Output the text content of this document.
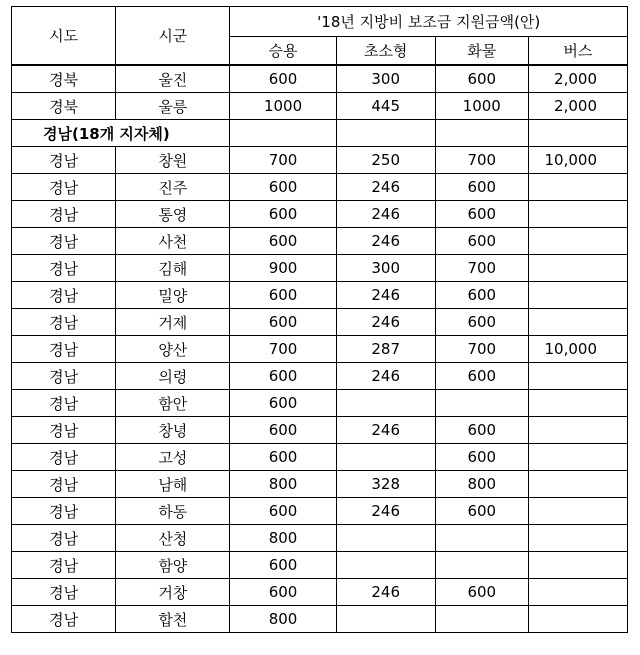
시도	시군	'18년 지방비 보조금 지원금액(안)			
		승용	초소형	화물	버스
경북	울진	600	300	600	2,000
경북	울릉	1000	445	1000	2,000
경남(18개 지자체)					
경남	창원	700	250	700	10,000
경남	진주	600	246	600	
경남	통영	600	246	600	
경남	사천	600	246	600	
경남	김해	900	300	700	
경남	밀양	600	246	600	
경남	거제	600	246	600	
경남	양산	700	287	700	10,000
경남	의령	600	246	600	
경남	함안	600			
경남	창녕	600	246	600	
경남	고성	600		600	
경남	남해	800	328	800	
경남	하동	600	246	600	
경남	산청	800			
경남	함양	600			
경남	거창	600	246	600	
경남	합천	800			
